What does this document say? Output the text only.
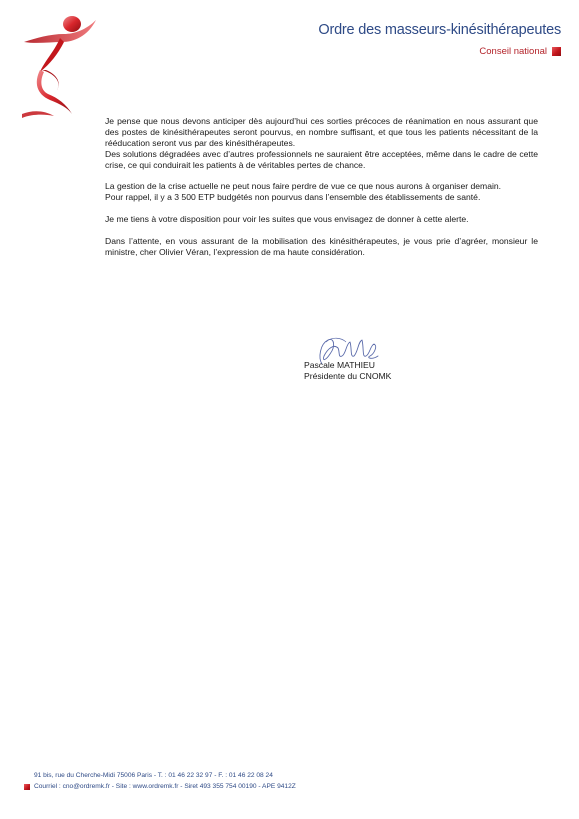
Ordre des masseurs-kinésithérapeutes
Conseil national

Je pense que nous devons anticiper dès aujourd’hui ces sorties précoces de réanimation en nous assurant que des postes de kinésithérapeutes seront pourvus, en nombre suffisant, et que tous les patients nécessitant de la rééducation seront vus par des kinésithérapeutes.

Des solutions dégradées avec d’autres professionnels ne sauraient être acceptées, même dans le cadre de cette crise, ce qui conduirait les patients à de véritables pertes de chance.

La gestion de la crise actuelle ne peut nous faire perdre de vue ce que nous aurons à organiser demain.

Pour rappel, il y a 3 500 ETP budgétés non pourvus dans l’ensemble des établissements de santé.

Je me tiens à votre disposition pour voir les suites que vous envisagez de donner à cette alerte.

Dans l’attente, en vous assurant de la mobilisation des kinésithérapeutes, je vous prie d’agréer, monsieur le ministre, cher Olivier Véran, l’expression de ma haute considération.

Pascale MATHIEU
Présidente du CNOMK
91 bis, rue du Cherche-Midi 75006 Paris - T. : 01 46 22 32 97 - F. : 01 46 22 08 24
Courriel : cno@ordremk.fr - Site : www.ordremk.fr - Siret 493 355 754 00190 - APE 9412Z
